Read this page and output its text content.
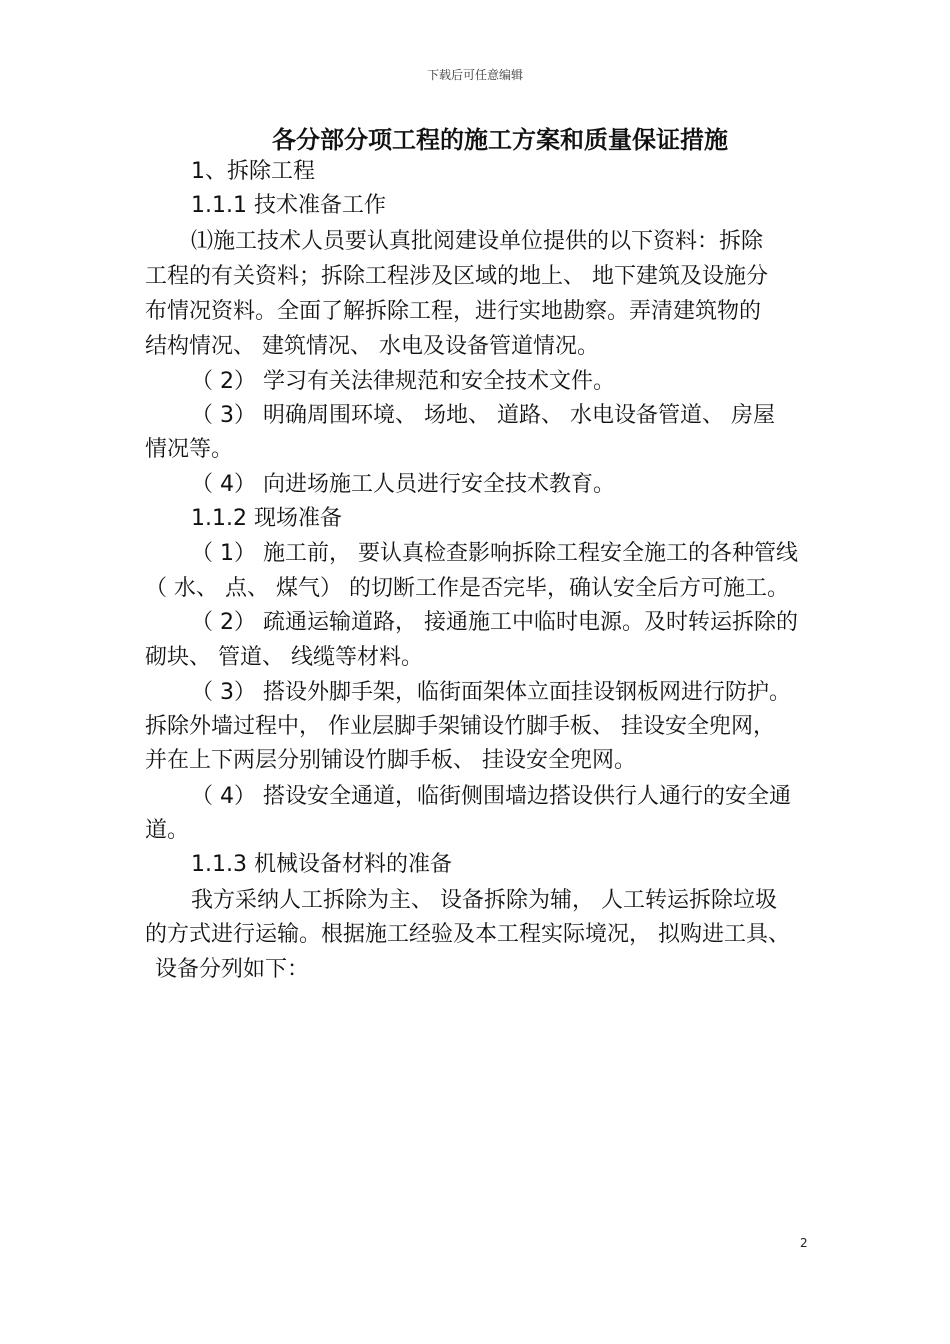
下载后可任意编辑
各分部分项工程的施工方案和质量保证措施
1、拆除工程
1.1.1 技术准备工作
⑴施工技术人员要认真批阅建设单位提供的以下资料：拆除
工程的有关资料；拆除工程涉及区域的地上、 地下建筑及设施分
布情况资料。全面了解拆除工程，进行实地勘察。弄清建筑物的
结构情况、 建筑情况、 水电及设备管道情况。
（ 2） 学习有关法律规范和安全技术文件。
（ 3） 明确周围环境、 场地、 道路、 水电设备管道、 房屋
情况等。
（ 4） 向进场施工人员进行安全技术教育。
1.1.2 现场准备
（ 1） 施工前， 要认真检查影响拆除工程安全施工的各种管线
（ 水、 点、 煤气） 的切断工作是否完毕，确认安全后方可施工。
（ 2） 疏通运输道路， 接通施工中临时电源。及时转运拆除的
砌块、 管道、 线缆等材料。
（ 3） 搭设外脚手架，临街面架体立面挂设钢板网进行防护。
拆除外墙过程中， 作业层脚手架铺设竹脚手板、 挂设安全兜网，
并在上下两层分别铺设竹脚手板、 挂设安全兜网。
（ 4） 搭设安全通道，临街侧围墙边搭设供行人通行的安全通
道。
1.1.3 机械设备材料的准备
我方采纳人工拆除为主、 设备拆除为辅， 人工转运拆除垃圾
的方式进行运输。根据施工经验及本工程实际境况， 拟购进工具、
设备分列如下：
2
